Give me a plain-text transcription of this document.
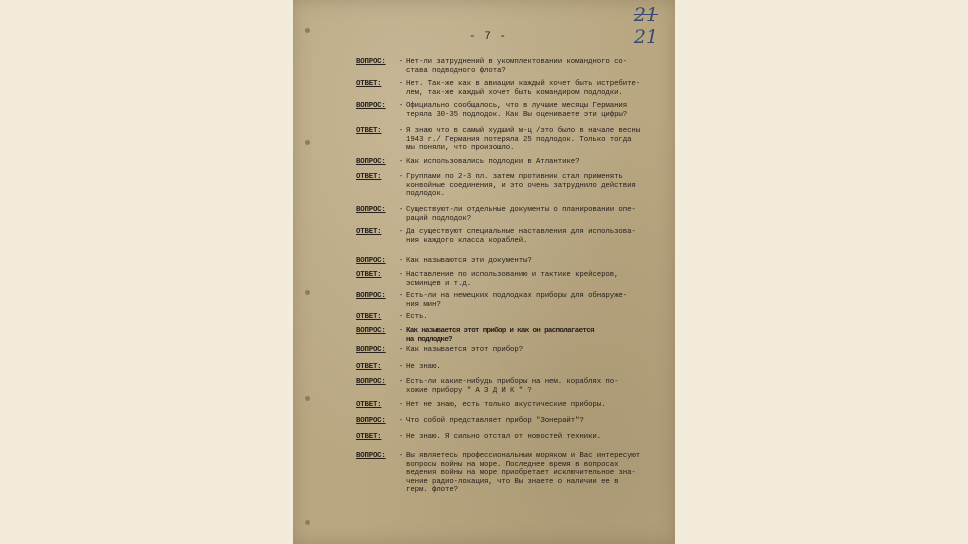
- 7 -
21
21
ВОПРОС:	- Нет-ли затруднений в укомплектовании командного со-
става подводного флота?
ОТВЕТ:	- Нет. Так-же как в авиации каждый хочет быть истребите-
лем, так-же каждый хочет быть командиром подлодки.
ВОПРОС:	- Официально сообщалось, что в лучшие месяцы Германия
теряла 30-35 подлодок. Как Вы оцениваете эти цифры?
ОТВЕТ:	- Я знаю что в самый худший м-ц /это было в начале весны
1943 г./ Германия потеряла 25 подлодок. Только тогда
мы поняли, что произошло.
ВОПРОС:	- Как использовались подлодки в Атлантике?
ОТВЕТ:	- Группами по 2-3 пл. затем противник стал применять
конвойные соединения, и это очень затруднило действия
подлодок.
ВОПРОС:	- Существуют-ли отдельные документы о планировании опе-
раций подлодок?
ОТВЕТ:	- Да существуют специальные наставления для использова-
ния каждого класса кораблей.
ВОПРОС:	- Как называются эти документы?
ОТВЕТ:	- Наставление по использованию и тактике крейсеров,
эсминцев и т.д.
ВОПРОС:	- Есть-ли на немецких подлодках приборы для обнаруже-
ния мин?
ОТВЕТ:	- Есть.
ВОПРОС:	- Как называется этот прибор и как он располагается
на подлодке?
ВОПРОС:	- Как называется этот прибор?
ОТВЕТ:	- Не знаю.
ВОПРОС:	- Есть-ли какие-нибудь приборы на нем. кораблях по-
хожие прибору " А З Д И К " ?
ОТВЕТ:	- Нет не знаю, есть только акустические приборы.
ВОПРОС:	- Что собой представляет прибор "Зонерайт"?
ОТВЕТ:	- Не знаю. Я сильно отстал от новостей техники.
ВОПРОС:	- Вы являетесь профессиональным моряком и Вас интересуют
вопросы войны на море. Последнее время в вопросах
ведения войны на море приобретает исключительное зна-
чение радио-локация, что Вы знаете о наличии ее в
герм. флоте?
